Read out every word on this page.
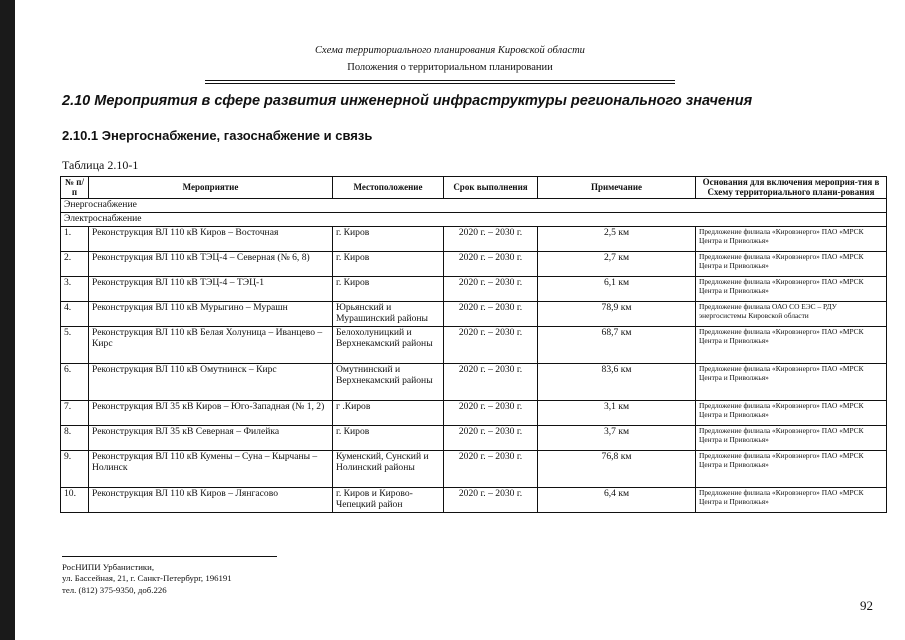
Схема территориального планирования Кировской области
Положения о территориальном планировании
2.10 Мероприятия в сфере развития инженерной инфраструктуры регионального значения
2.10.1 Энергоснабжение, газоснабжение и связь
Таблица 2.10-1
№ п/п	Мероприятие	Местоположение	Срок выполнения	Примечание	Основания для включения мероприя-тия в Схему территориального плани-рования
Энергоснабжение					
Электроснабжение					
1.	Реконструкция ВЛ 110 кВ Киров – Восточная	г. Киров	2020 г. – 2030 г.	2,5 км	Предложение филиала «Кировэнерго» ПАО «МРСК Центра и Приволжья»
2.	Реконструкция ВЛ 110 кВ ТЭЦ-4 – Северная (№ 6, 8)	г. Киров	2020 г. – 2030 г.	2,7 км	Предложение филиала «Кировэнерго» ПАО «МРСК Центра и Приволжья»
3.	Реконструкция ВЛ 110 кВ ТЭЦ-4 – ТЭЦ-1	г. Киров	2020 г. – 2030 г.	6,1 км	Предложение филиала «Кировэнерго» ПАО «МРСК Центра и Приволжья»
4.	Реконструкция ВЛ 110 кВ Мурыгино – Мурашн	Юрьянский и Мурашинский районы	2020 г. – 2030 г.	78,9 км	Предложение филиала ОАО СО ЕЭС – РДУ энергосистемы Кировской области
5.	Реконструкция ВЛ 110 кВ Белая Холуница – Иванцево – Кирс	Белохолуницкий и Верхнекамский районы	2020 г. – 2030 г.	68,7 км	Предложение филиала «Кировэнерго» ПАО «МРСК Центра и Приволжья»
6.	Реконструкция ВЛ 110 кВ Омутнинск – Кирс	Омутнинский и Верхнекамский районы	2020 г. – 2030 г.	83,6 км	Предложение филиала «Кировэнерго» ПАО «МРСК Центра и Приволжья»
7.	Реконструкция ВЛ 35 кВ Киров – Юго-Западная (№ 1, 2)	г .Киров	2020 г. – 2030 г.	3,1 км	Предложение филиала «Кировэнерго» ПАО «МРСК Центра и Приволжья»
8.	Реконструкция ВЛ 35 кВ Северная – Филейка	г. Киров	2020 г. – 2030 г.	3,7 км	Предложение филиала «Кировэнерго» ПАО «МРСК Центра и Приволжья»
9.	Реконструкция ВЛ 110 кВ Кумены – Суна – Кырчаны – Нолинск	Куменский, Сунский и Нолинский районы	2020 г. – 2030 г.	76,8 км	Предложение филиала «Кировэнерго» ПАО «МРСК Центра и Приволжья»
10.	Реконструкция ВЛ 110 кВ Киров – Лянгасово	г. Киров и Кирово-Чепецкий район	2020 г. – 2030 г.	6,4 км	Предложение филиала «Кировэнерго» ПАО «МРСК Центра и Приволжья»
РосНИПИ Урбанистики,
ул. Бассейная, 21, г. Санкт-Петербург, 196191
тел. (812) 375-9350, доб.226
92
